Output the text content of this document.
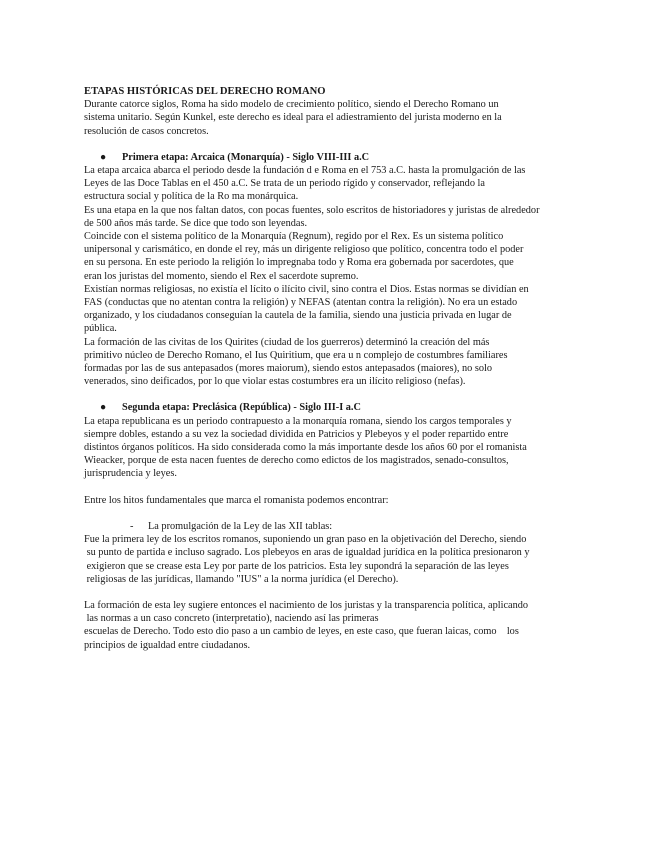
ETAPAS HISTÓRICAS DEL DERECHO ROMANO

Durante catorce siglos, Roma ha sido modelo de crecimiento político, siendo el Derecho Romano un
sistema unitario. Según Kunkel, este derecho es ideal para el adiestramiento del jurista moderno en la
resolución de casos concretos.

● Primera etapa: Arcaica (Monarquía) - Siglo VIII-III a.C

La etapa arcaica abarca el periodo desde la fundación d e Roma en el 753 a.C. hasta la promulgación de las
Leyes de las Doce Tablas en el 450 a.C. Se trata de un periodo rígido y conservador, reflejando la
estructura social y política de la Ro ma monárquica.

Es una etapa en la que nos faltan datos, con pocas fuentes, solo escritos de historiadores y juristas de alrededor
de 500 años más tarde. Se dice que todo son leyendas.

Coincide con el sistema político de la Monarquía (Regnum), regido por el Rex. Es un sistema político
unipersonal y carismático, en donde el rey, más un dirigente religioso que político, concentra todo el poder
en su persona. En este periodo la religión lo impregnaba todo y Roma era gobernada por sacerdotes, que
eran los juristas del momento, siendo el Rex el sacerdote supremo.

Existían normas religiosas, no existía el lícito o ilícito civil, sino contra el Dios. Estas normas se dividían en
FAS (conductas que no atentan contra la religión) y NEFAS (atentan contra la religión). No era un estado
organizado, y los ciudadanos conseguían la cautela de la familia, siendo una justicia privada en lugar de
pública.

La formación de las civitas de los Quirites (ciudad de los guerreros) determinó la creación del más
primitivo núcleo de Derecho Romano, el Ius Quiritium, que era u n complejo de costumbres familiares
formadas por las de sus antepasados (mores maiorum), siendo estos antepasados (maiores), no solo
venerados, sino deificados, por lo que violar estas costumbres era un ilícito religioso (nefas).

● Segunda etapa: Preclásica (República) - Siglo III-I a.C

La etapa republicana es un periodo contrapuesto a la monarquía romana, siendo los cargos temporales y
siempre dobles, estando a su vez la sociedad dividida en Patricios y Plebeyos y el poder repartido entre
distintos órganos políticos. Ha sido considerada como la más importante desde los años 60 por el romanista
Wieacker, porque de esta nacen fuentes de derecho como edictos de los magistrados, senado-consultos,
jurisprudencia y leyes.

Entre los hitos fundamentales que marca el romanista podemos encontrar:

- La promulgación de la Ley de las XII tablas:

Fue la primera ley de los escritos romanos, suponiendo un gran paso en la objetivación del Derecho, siendo
su punto de partida e incluso sagrado. Los plebeyos en aras de igualdad jurídica en la política presionaron y
exigieron que se crease esta Ley por parte de los patricios. Esta ley supondrá la separación de las leyes
religiosas de las jurídicas, llamando "IUS" a la norma jurídica (el Derecho).

La formación de esta ley sugiere entonces el nacimiento de los juristas y la transparencia política, aplicando
las normas a un caso concreto (interpretatio), naciendo así las primeras
escuelas de Derecho. Todo esto dio paso a un cambio de leyes, en este caso, que fueran laicas, como    los
principios de igualdad entre ciudadanos.
